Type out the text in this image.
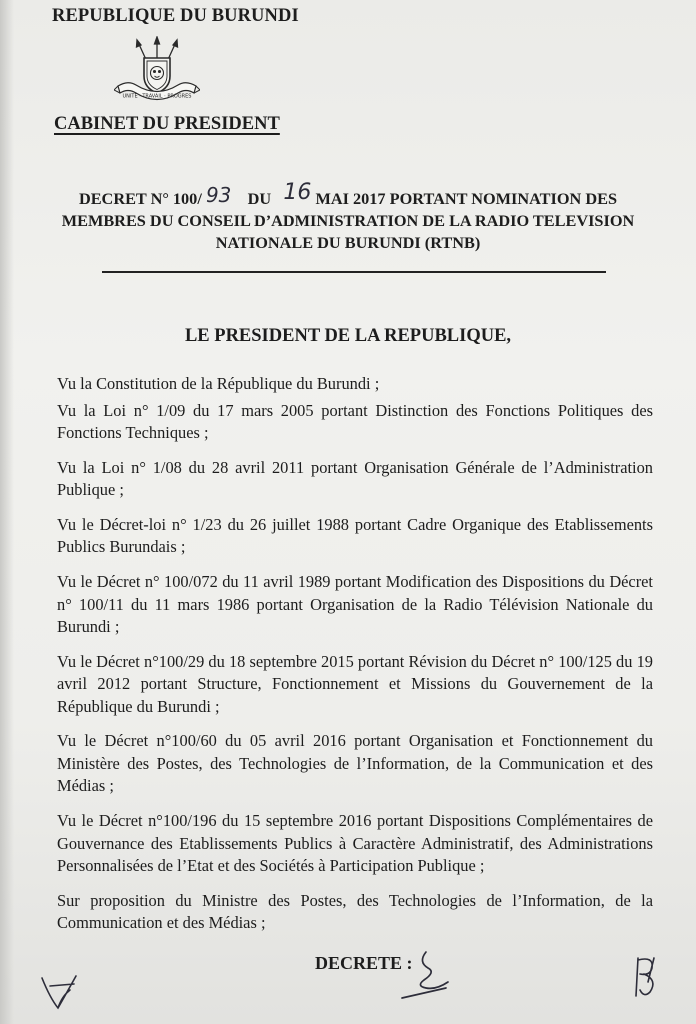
REPUBLIQUE DU BURUNDI
UNITE · TRAVAIL · PROGRES
CABINET DU PRESIDENT
DECRET N° 100/ 93 DU 16 MAI 2017 PORTANT NOMINATION DES
MEMBRES DU CONSEIL D’ADMINISTRATION DE LA RADIO TELEVISION
NATIONALE DU BURUNDI (RTNB)
LE PRESIDENT DE LA REPUBLIQUE,

Vu la Constitution de la République du Burundi ;

Vu la Loi n° 1/09 du 17 mars 2005 portant Distinction des Fonctions Politiques des Fonctions Techniques ;

Vu la Loi n° 1/08 du 28 avril 2011 portant Organisation Générale de l’Administration Publique ;

Vu le Décret-loi n° 1/23 du 26 juillet 1988 portant Cadre Organique des Etablissements Publics Burundais ;

Vu le Décret n° 100/072 du 11 avril 1989 portant Modification des Dispositions du Décret n° 100/11 du 11 mars 1986 portant Organisation de la Radio Télévision Nationale du Burundi ;

Vu le Décret n°100/29 du 18 septembre 2015 portant Révision du Décret n° 100/125 du 19 avril 2012 portant Structure, Fonctionnement et Missions du Gouvernement de la République du Burundi ;

Vu le Décret n°100/60 du 05 avril 2016 portant Organisation et Fonctionnement du Ministère des Postes, des Technologies de l’Information, de la Communication et des Médias ;

Vu le Décret n°100/196 du 15 septembre 2016 portant Dispositions Complémentaires de Gouvernance des Etablissements Publics à Caractère Administratif, des Administrations Personnalisées de l’Etat et des Sociétés à Participation Publique ;

Sur proposition du Ministre des Postes, des Technologies de l’Information, de la Communication et des Médias ;

DECRETE :
